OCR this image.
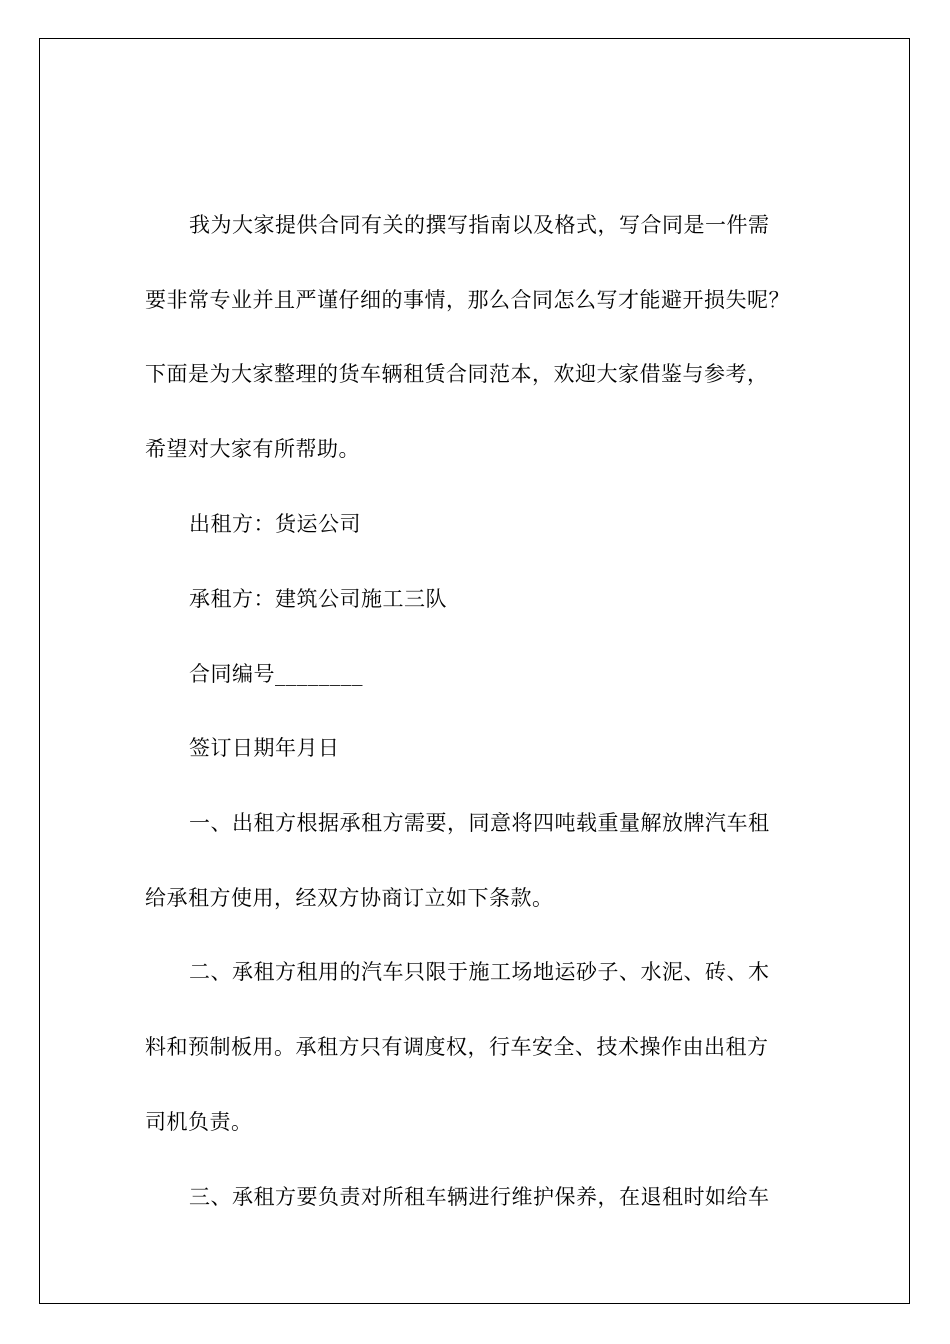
我为大家提供合同有关的撰写指南以及格式，写合同是一件需
要非常专业并且严谨仔细的事情，那么合同怎么写才能避开损失呢？
下面是为大家整理的货车辆租赁合同范本，欢迎大家借鉴与参考，
希望对大家有所帮助。
出租方：货运公司
承租方：建筑公司施工三队
合同编号________
签订日期年月日
一、出租方根据承租方需要，同意将四吨载重量解放牌汽车租
给承租方使用，经双方协商订立如下条款。
二、承租方租用的汽车只限于施工场地运砂子、水泥、砖、木
料和预制板用。承租方只有调度权，行车安全、技术操作由出租方
司机负责。
三、承租方要负责对所租车辆进行维护保养，在退租时如给车
